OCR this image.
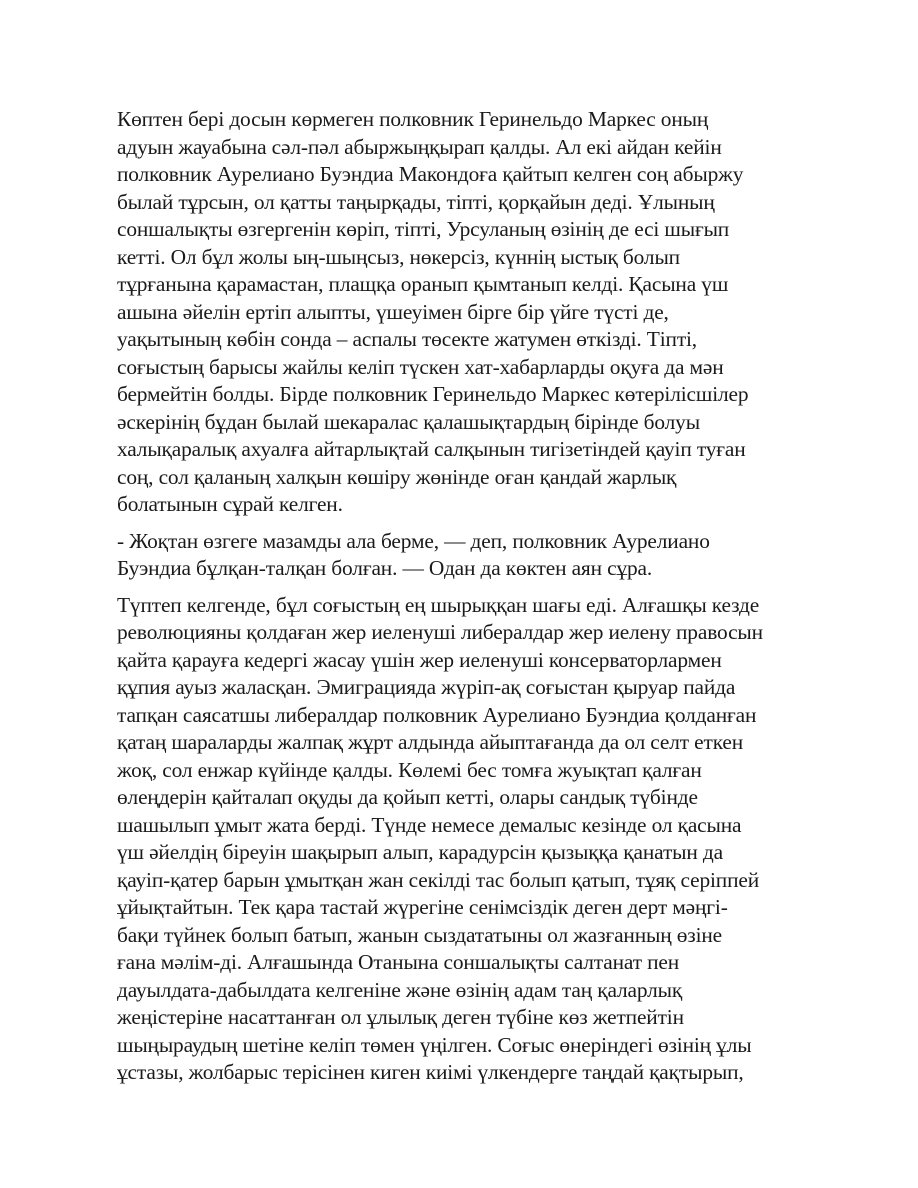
Көптен бері досын көрмеген полковник Геринельдо Маркес оның
адуын жауабына сәл-пәл абыржыңқырап қалды. Ал екі айдан кейін
полковник Аурелиано Буэндиа Макондоға қайтып келген соң абыржу
былай тұрсын, ол қатты таңырқады, тіпті, қорқайын деді. Ұлының
соншалықты өзгергенін көріп, тіпті, Урсуланың өзінің де есі шығып
кетті. Ол бұл жолы ың-шыңсыз, нөкерсіз, күннің ыстық болып
тұрғанына қарамастан, плащқа оранып қымтанып келді. Қасына үш
ашына әйелін ертіп алыпты, үшеуімен бірге бір үйге түсті де,
уақытының көбін сонда – аспалы төсекте жатумен өткізді. Тіпті,
соғыстың барысы жайлы келіп түскен хат-хабарларды оқуға да мән
бермейтін болды. Бірде полковник Геринельдо Маркес көтерілісшілер
әскерінің бұдан былай шекаралас қалашықтардың бірінде болуы
халықаралық ахуалға айтарлықтай салқынын тигізетіндей қауіп туған
соң, сол қаланың халқын көшіру жөнінде оған қандай жарлық
болатынын сұрай келген.

- Жоқтан өзгеге мазамды ала берме, — деп, полковник Аурелиано
Буэндиа бұлқан-талқан болған. — Одан да көктен аян сұра.

Түптеп келгенде, бұл соғыстың ең шырыққан шағы еді. Алғашқы кезде
революцияны қолдаған жер иеленуші либералдар жер иелену правосын
қайта қарауға кедергі жасау үшін жер иеленуші консерваторлармен
құпия ауыз жаласқан. Эмиграцияда жүріп-ақ соғыстан қыруар пайда
тапқан саясатшы либералдар полковник Аурелиано Буэндиа қолданған
қатаң шараларды жалпақ жұрт алдында айыптағанда да ол селт еткен
жоқ, сол енжар күйінде қалды. Көлемі бес томға жуықтап қалған
өлеңдерін қайталап оқуды да қойып кетті, олары сандық түбінде
шашылып ұмыт жата берді. Түнде немесе демалыс кезінде ол қасына
үш әйелдің біреуін шақырып алып, карадурсін қызыққа қанатын да
қауіп-қатер барын ұмытқан жан секілді тас болып қатып, тұяқ серіппей
ұйықтайтын. Тек қара тастай жүрегіне сенімсіздік деген дерт мәңгі-
бақи түйнек болып батып, жанын сыздататыны ол жазғанның өзіне
ғана мәлім-ді. Алғашында Отанына соншалықты салтанат пен
дауылдата-дабылдата келгеніне және өзінің адам таң қаларлық
жеңістеріне насаттанған ол ұлылық деген түбіне көз жетпейтін
шыңыраудың шетіне келіп төмен үңілген. Соғыс өнеріндегі өзінің ұлы
ұстазы, жолбарыс терісінен киген киімі үлкендерге таңдай қақтырып,
